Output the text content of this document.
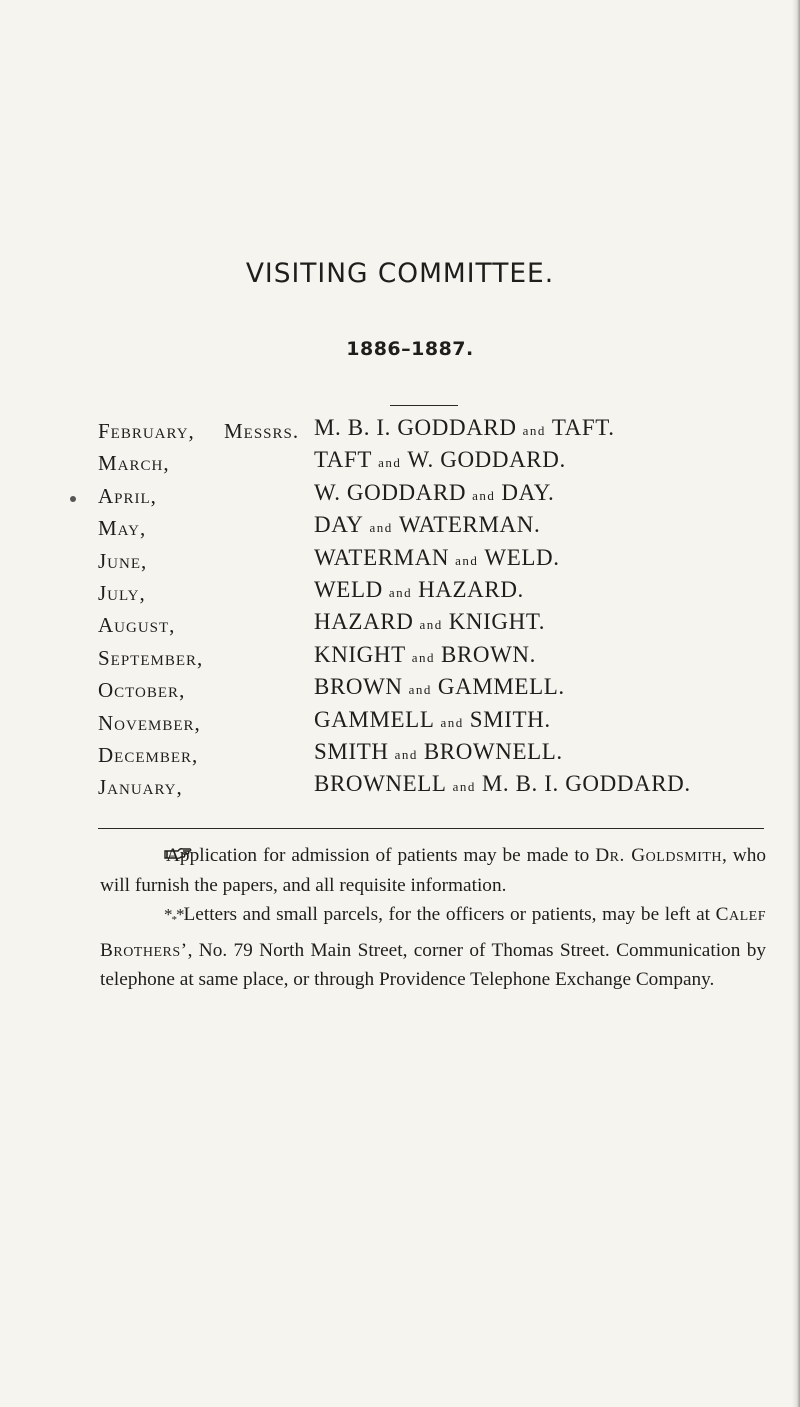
VISITING COMMITTEE.
1886–1887.
February, Messrs. M. B. I. GODDARD and TAFT.
March,	TAFT and W. GODDARD.
April,	W. GODDARD and DAY.
May,	DAY and WATERMAN.
June,	WATERMAN and WELD.
July,	WELD and HAZARD.
August,	HAZARD and KNIGHT.
September,	KNIGHT and BROWN.
October,	BROWN and GAMMELL.
November,	GAMMELL and SMITH.
December,	SMITH and BROWNELL.
January,	BROWNELL and M. B. I. GODDARD.

Application for admission of patients may be made to Dr. Goldsmith, who will furnish the papers, and all requisite information.

$*_**Letters$ and small parcels, for the officers or patients, may be left at Calef Brothers’, No. 79 North Main Street, corner of Thomas Street. Communication by telephone at same place, or through Providence Telephone Exchange Company.
